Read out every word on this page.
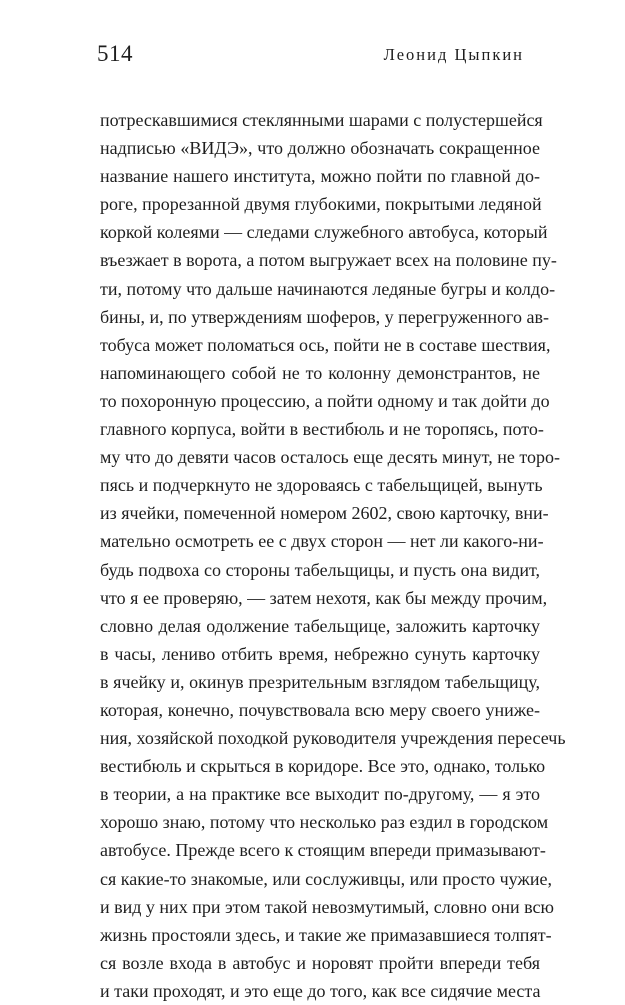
514	Леонид Цыпкин
потрескавшимися стеклянными шарами с полустершейся
надписью «ВИДЭ», что должно обозначать сокращенное
название нашего института, можно пойти по главной до-
роге, прорезанной двумя глубокими, покрытыми ледяной
коркой колеями — следами служебного автобуса, который
въезжает в ворота, а потом выгружает всех на половине пу-
ти, потому что дальше начинаются ледяные бугры и колдо-
бины, и, по утверждениям шоферов, у перегруженного ав-
тобуса может поломаться ось, пойти не в составе шествия,
напоминающего собой не то колонну демонстрантов, не
то похоронную процессию, а пойти одному и так дойти до
главного корпуса, войти в вестибюль и не торопясь, пото-
му что до девяти часов осталось еще десять минут, не торо-
пясь и подчеркнуто не здороваясь с табельщицей, вынуть
из ячейки, помеченной номером 2602, свою карточку, вни-
мательно осмотреть ее с двух сторон — нет ли какого-ни-
будь подвоха со стороны табельщицы, и пусть она видит,
что я ее проверяю, — затем нехотя, как бы между прочим,
словно делая одолжение табельщице, заложить карточку
в часы, лениво отбить время, небрежно сунуть карточку
в ячейку и, окинув презрительным взглядом табельщицу,
которая, конечно, почувствовала всю меру своего униже-
ния, хозяйской походкой руководителя учреждения пересечь
вестибюль и скрыться в коридоре. Все это, однако, только
в теории, а на практике все выходит по-другому, — я это
хорошо знаю, потому что несколько раз ездил в городском
автобусе. Прежде всего к стоящим впереди примазывают-
ся какие-то знакомые, или сослуживцы, или просто чужие,
и вид у них при этом такой невозмутимый, словно они всю
жизнь простояли здесь, и такие же примазавшиеся толпят-
ся возле входа в автобус и норовят пройти впереди тебя
и таки проходят, и это еще до того, как все сидячие места
